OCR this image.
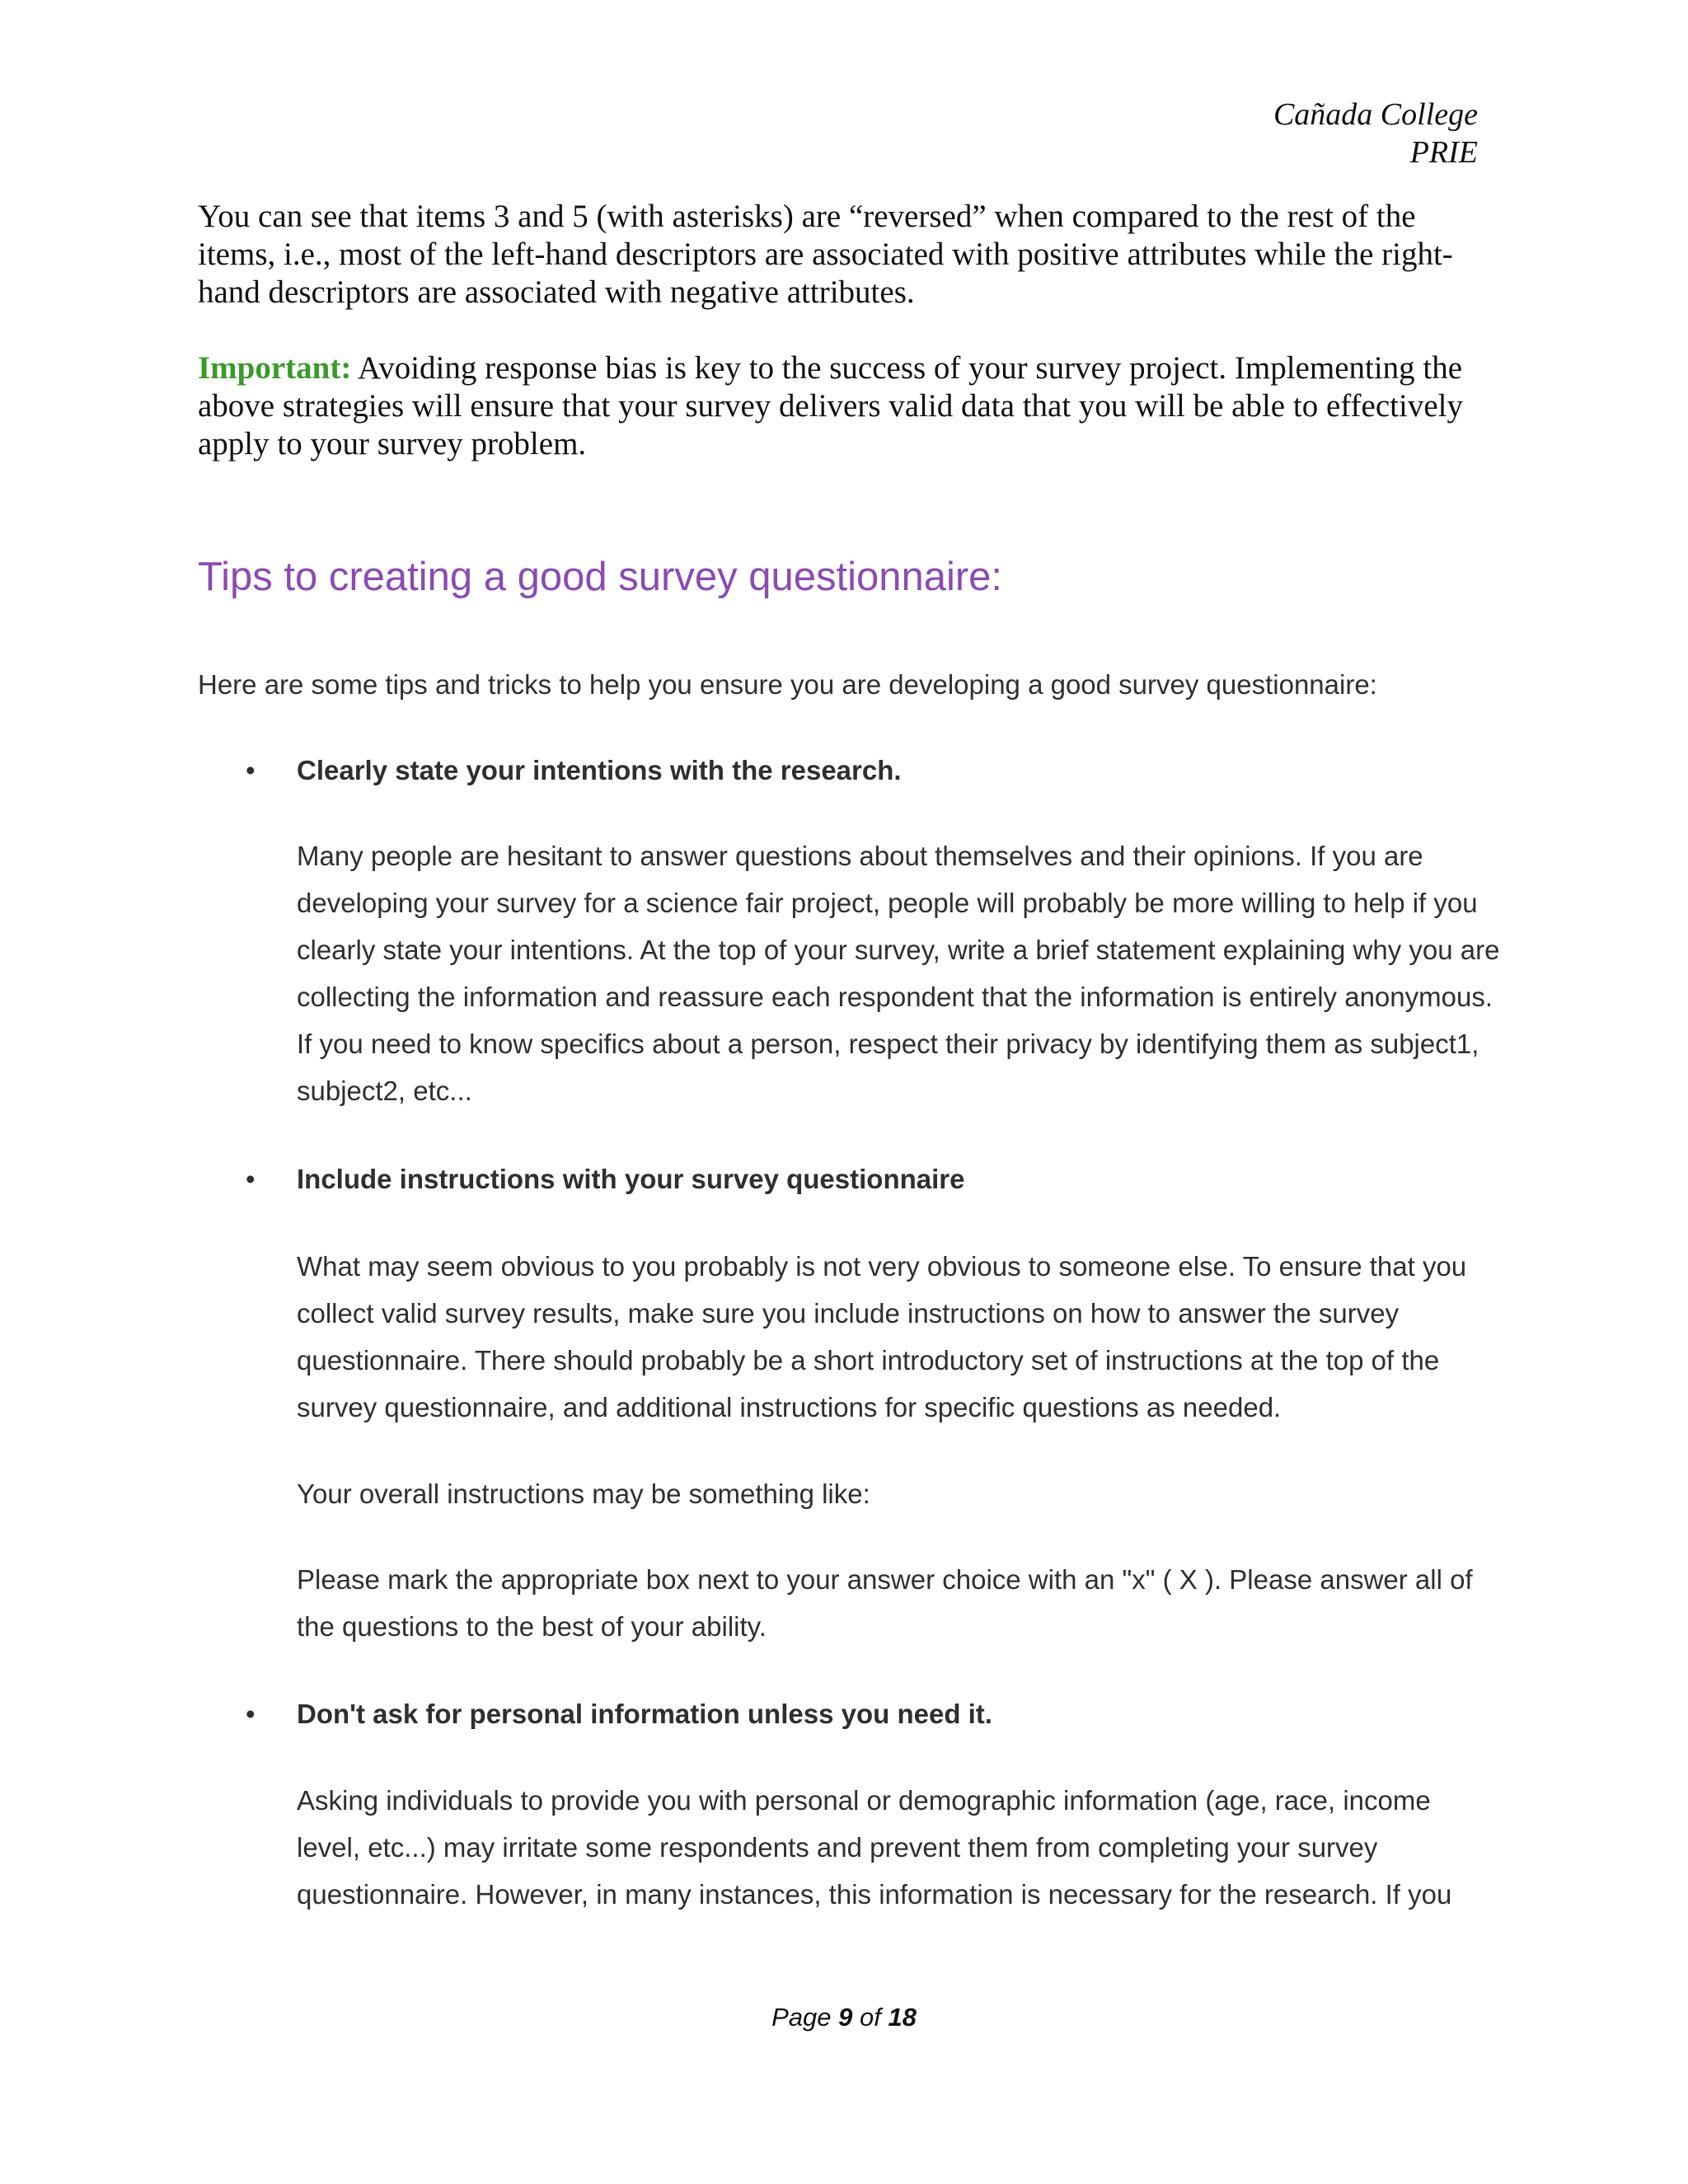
Cañada College
PRIE
You can see that items 3 and 5 (with asterisks) are “reversed” when compared to the rest of the items, i.e., most of the left-hand descriptors are associated with positive attributes while the right-hand descriptors are associated with negative attributes.
Important: Avoiding response bias is key to the success of your survey project. Implementing the above strategies will ensure that your survey delivers valid data that you will be able to effectively apply to your survey problem.
Tips to creating a good survey questionnaire:
Here are some tips and tricks to help you ensure you are developing a good survey questionnaire:
• Clearly state your intentions with the research.
Many people are hesitant to answer questions about themselves and their opinions. If you are developing your survey for a science fair project, people will probably be more willing to help if you clearly state your intentions. At the top of your survey, write a brief statement explaining why you are collecting the information and reassure each respondent that the information is entirely anonymous. If you need to know specifics about a person, respect their privacy by identifying them as subject1, subject2, etc...
• Include instructions with your survey questionnaire
What may seem obvious to you probably is not very obvious to someone else. To ensure that you collect valid survey results, make sure you include instructions on how to answer the survey questionnaire. There should probably be a short introductory set of instructions at the top of the survey questionnaire, and additional instructions for specific questions as needed.
Your overall instructions may be something like:
Please mark the appropriate box next to your answer choice with an "x" ( X ). Please answer all of the questions to the best of your ability.
• Don't ask for personal information unless you need it.
Asking individuals to provide you with personal or demographic information (age, race, income level, etc...) may irritate some respondents and prevent them from completing your survey questionnaire. However, in many instances, this information is necessary for the research. If you
Page 9 of 18
